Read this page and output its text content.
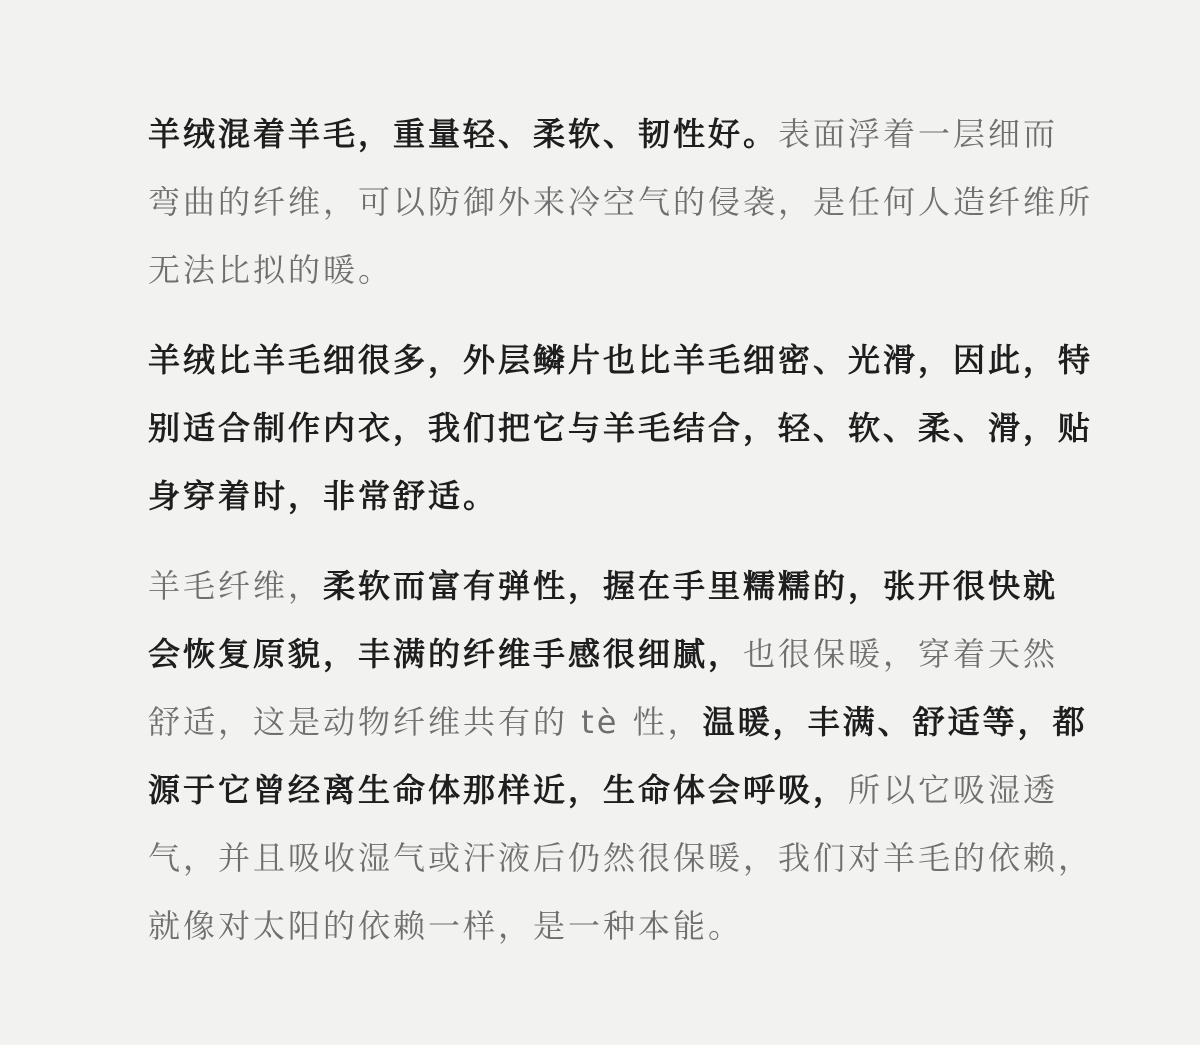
羊绒混着羊毛，重量轻、柔软、韧性好。表面浮着一层细而弯曲的纤维，可以防御外来冷空气的侵袭，是任何人造纤维所无法比拟的暖。

羊绒比羊毛细很多，外层鳞片也比羊毛细密、光滑，因此，特别适合制作内衣，我们把它与羊毛结合，轻、软、柔、滑，贴身穿着时，非常舒适。

羊毛纤维，柔软而富有弹性，握在手里糯糯的，张开很快就会恢复原貌，丰满的纤维手感很细腻，也很保暖，穿着天然舒适，这是动物纤维共有的 tè 性，温暖，丰满、舒适等，都源于它曾经离生命体那样近，生命体会呼吸，所以它吸湿透气，并且吸收湿气或汗液后仍然很保暖，我们对羊毛的依赖，就像对太阳的依赖一样，是一种本能。
